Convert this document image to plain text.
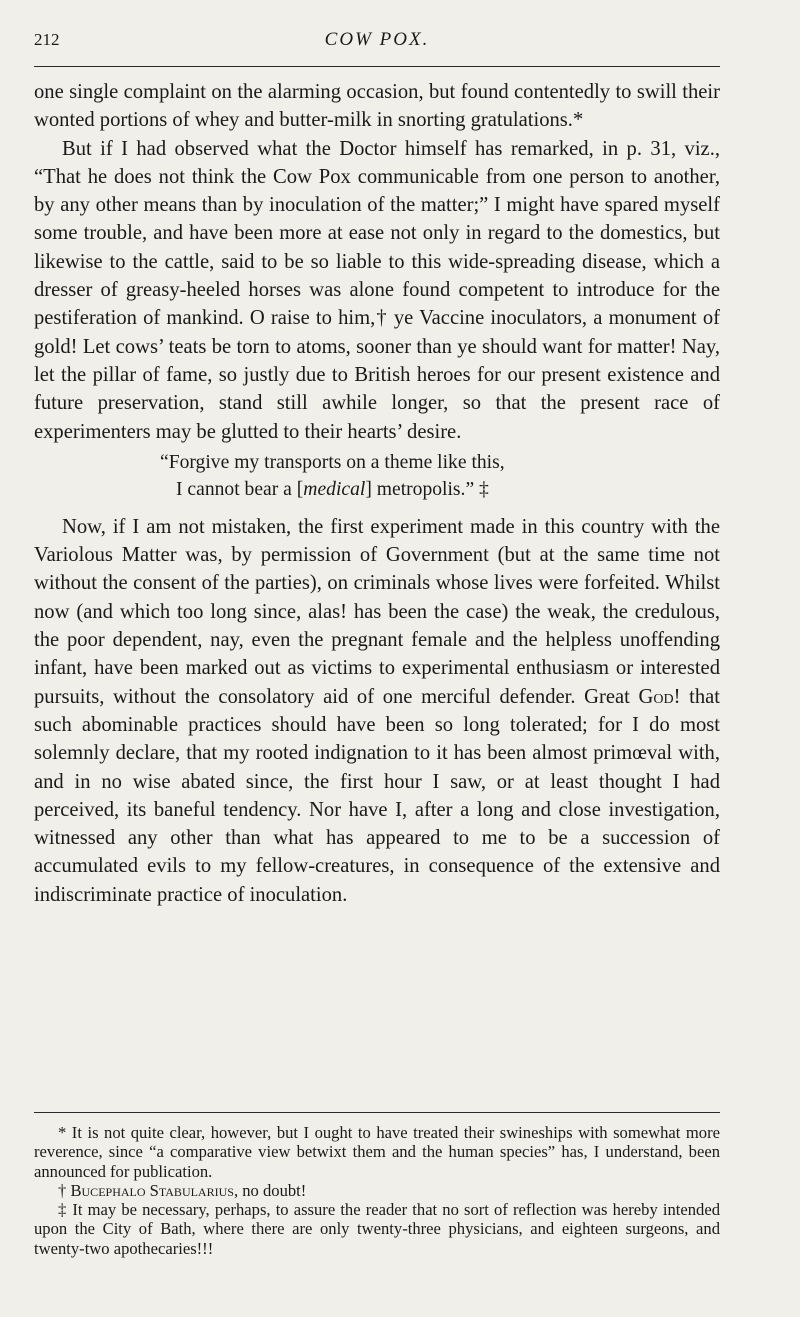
212	COW POX.

one single complaint on the alarming occasion, but found contentedly to swill their wonted portions of whey and butter-milk in snorting gratulations.*

But if I had observed what the Doctor himself has remarked, in p. 31, viz., “That he does not think the Cow Pox communicable from one person to another, by any other means than by inoculation of the matter;” I might have spared myself some trouble, and have been more at ease not only in regard to the domestics, but likewise to the cattle, said to be so liable to this wide-spreading disease, which a dresser of greasy-heeled horses was alone found competent to introduce for the pestiferation of mankind. O raise to him,† ye Vaccine inoculators, a monument of gold! Let cows’ teats be torn to atoms, sooner than ye should want for matter! Nay, let the pillar of fame, so justly due to British heroes for our present existence and future preservation, stand still awhile longer, so that the present race of experimenters may be glutted to their hearts’ desire.

“Forgive my transports on a theme like this,
I cannot bear a [medical] metropolis.” ‡

Now, if I am not mistaken, the first experiment made in this country with the Variolous Matter was, by permission of Government (but at the same time not without the consent of the parties), on criminals whose lives were forfeited. Whilst now (and which too long since, alas! has been the case) the weak, the credulous, the poor dependent, nay, even the pregnant female and the helpless unoffending infant, have been marked out as victims to experimental enthusiasm or interested pursuits, without the consolatory aid of one merciful defender. Great God! that such abominable practices should have been so long tolerated; for I do most solemnly declare, that my rooted indignation to it has been almost primœval with, and in no wise abated since, the first hour I saw, or at least thought I had perceived, its baneful tendency. Nor have I, after a long and close investigation, witnessed any other than what has appeared to me to be a succession of accumulated evils to my fellow-creatures, in consequence of the extensive and indiscriminate practice of inoculation.

* It is not quite clear, however, but I ought to have treated their swineships with somewhat more reverence, since “a comparative view betwixt them and the human species” has, I understand, been announced for publication.

† Bucephalo Stabularius, no doubt!

‡ It may be necessary, perhaps, to assure the reader that no sort of reflection was hereby intended upon the City of Bath, where there are only twenty-three physicians, and eighteen surgeons, and twenty-two apothecaries!!!
